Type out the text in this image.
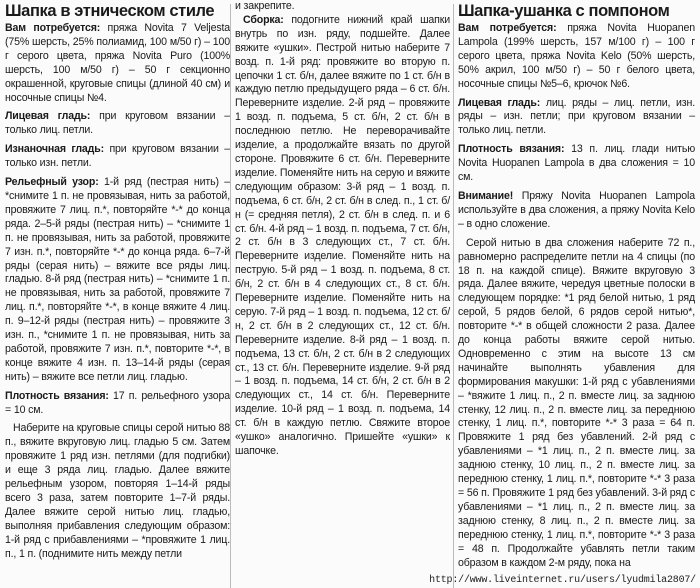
Шапка в этническом стиле

Вам потребуется: пряжа Novita 7 Veljesta (75% шерсть, 25% полиамид, 100 м/50 г) – 100 г серого цвета, пряжа Novita Puro (100% шерсть, 100 м/50 г) – 50 г секционно окрашенной, круговые спицы (длиной 40 см) и носочные спицы №4.

Лицевая гладь: при круговом вязании – только лиц. петли.

Изнаночная гладь: при круговом вязании – только изн. петли.

Рельефный узор: 1-й ряд (пестрая нить) – *снимите 1 п. не провязывая, нить за работой, провяжите 7 лиц. п.*, повторяйте *-* до конца ряда. 2–5-й ряды (пестрая нить) – *снимите 1 п. не провязывая, нить за работой, провяжите 7 изн. п.*, повторяйте *-* до конца ряда. 6–7-й ряды (серая нить) – вяжите все ряды лиц. гладью. 8-й ряд (пестрая нить) – *снимите 1 п. не провязывая, нить за работой, провяжите 7 лиц. п.*, повторяйте *-*, в конце вяжите 4 лиц. п. 9–12-й ряды (пестрая нить) – провяжите 3 изн. п., *снимите 1 п. не провязывая, нить за работой, провяжите 7 изн. п.*, повторите *-*, в конце вяжите 4 изн. п. 13–14-й ряды (серая нить) – вяжите все петли лиц. гладью.

Плотность вязания: 17 п. рельефного узора = 10 см.

Наберите на круговые спицы серой нитью 88 п., вяжите вкруговую лиц. гладью 5 см. Затем провяжите 1 ряд изн. петлями (для подгибки) и еще 3 ряда лиц. гладью. Далее вяжите рельефным узором, повторяя 1–14-й ряды всего 3 раза, затем повторите 1–7-й ряды. Далее вяжите серой нитью лиц. гладью, выполняя прибавления следующим образом: 1-й ряд с прибавлениями – *провяжите 1 лиц. п., 1 п. (поднимите нить между петли

и закрепите.

Сборка: подогните нижний край шапки внутрь по изн. ряду, подшейте. Далее вяжите «ушки». Пестрой нитью наберите 7 возд. п. 1-й ряд: провяжите во вторую п. цепочки 1 ст. б/н, далее вяжите по 1 ст. б/н в каждую петлю предыдущего ряда – 6 ст. б/н. Переверните изделие. 2-й ряд – провяжите 1 возд. п. подъема, 5 ст. б/н, 2 ст. б/н в последнюю петлю. Не переворачивайте изделие, а продолжайте вязать по другой стороне. Провяжите 6 ст. б/н. Переверните изделие. Поменяйте нить на серую и вяжите следующим образом: 3-й ряд – 1 возд. п. подъема, 6 ст. б/н, 2 ст. б/н в след. п., 1 ст. б/н (= средняя петля), 2 ст. б/н в след. п. и 6 ст. б/н. 4-й ряд – 1 возд. п. подъема, 7 ст. б/н, 2 ст. б/н в 3 следующих ст., 7 ст. б/н. Переверните изделие. Поменяйте нить на пеструю. 5-й ряд – 1 возд. п. подъема, 8 ст. б/н, 2 ст. б/н в 4 следующих ст., 8 ст. б/н. Переверните изделие. Поменяйте нить на серую. 7-й ряд – 1 возд. п. подъема, 12 ст. б/н, 2 ст. б/н в 2 следующих ст., 12 ст. б/н. Переверните изделие. 8-й ряд – 1 возд. п. подъема, 13 ст. б/н, 2 ст. б/н в 2 следующих ст., 13 ст. б/н. Переверните изделие. 9-й ряд – 1 возд. п. подъема, 14 ст. б/н, 2 ст. б/н в 2 следующих ст., 14 ст. б/н. Переверните изделие. 10-й ряд – 1 возд. п. подъема, 14 ст. б/н в каждую петлю. Свяжите второе «ушко» аналогично. Пришейте «ушки» к шапочке.

Шапка-ушанка с помпоном

Вам потребуется: пряжа Novita Huopanen Lampola (199% шерсть, 157 м/100 г) – 100 г серого цвета, пряжа Novita Kelo (50% шерсть, 50% акрил, 100 м/50 г) – 50 г белого цвета, носочные спицы №5–6, крючок №6.

Лицевая гладь: лиц. ряды – лиц. петли, изн. ряды – изн. петли; при круговом вязании – только лиц. петли.

Плотность вязания: 13 п. лиц. глади нитью Novita Huopanen Lampola в два сложения = 10 см.

Внимание! Пряжу Novita Huopanen Lampola используйте в два сложения, а пряжу Novita Kelo – в одно сложение.

Серой нитью в два сложения наберите 72 п., равномерно распределите петли на 4 спицы (по 18 п. на каждой спице). Вяжите вкруговую 3 ряда. Далее вяжите, чередуя цветные полоски в следующем порядке: *1 ряд белой нитью, 1 ряд серой, 5 рядов белой, 6 рядов серой нитью*, повторите *-* в общей сложности 2 раза. Далее до конца работы вяжите серой нитью. Одновременно с этим на высоте 13 см начинайте выполнять убавления для формирования макушки: 1-й ряд с убавлениями – *вяжите 1 лиц. п., 2 п. вместе лиц. за заднюю стенку, 12 лиц. п., 2 п. вместе лиц. за переднюю стенку, 1 лиц. п.*, повторите *-* 3 раза = 64 п. Провяжите 1 ряд без убавлений. 2-й ряд с убавлениями – *1 лиц. п., 2 п. вместе лиц. за заднюю стенку, 10 лиц. п., 2 п. вместе лиц. за переднюю стенку, 1 лиц. п.*, повторите *-* 3 раза = 56 п. Провяжите 1 ряд без убавлений. 3-й ряд с убавлениями – *1 лиц. п., 2 п. вместе лиц. за заднюю стенку, 8 лиц. п., 2 п. вместе лиц. за переднюю стенку, 1 лиц. п.*, повторите *-* 3 раза = 48 п. Продолжайте убавлять петли таким образом в каждом 2-м ряду, пока на

http://www.liveinternet.ru/users/lyudmila2807/
